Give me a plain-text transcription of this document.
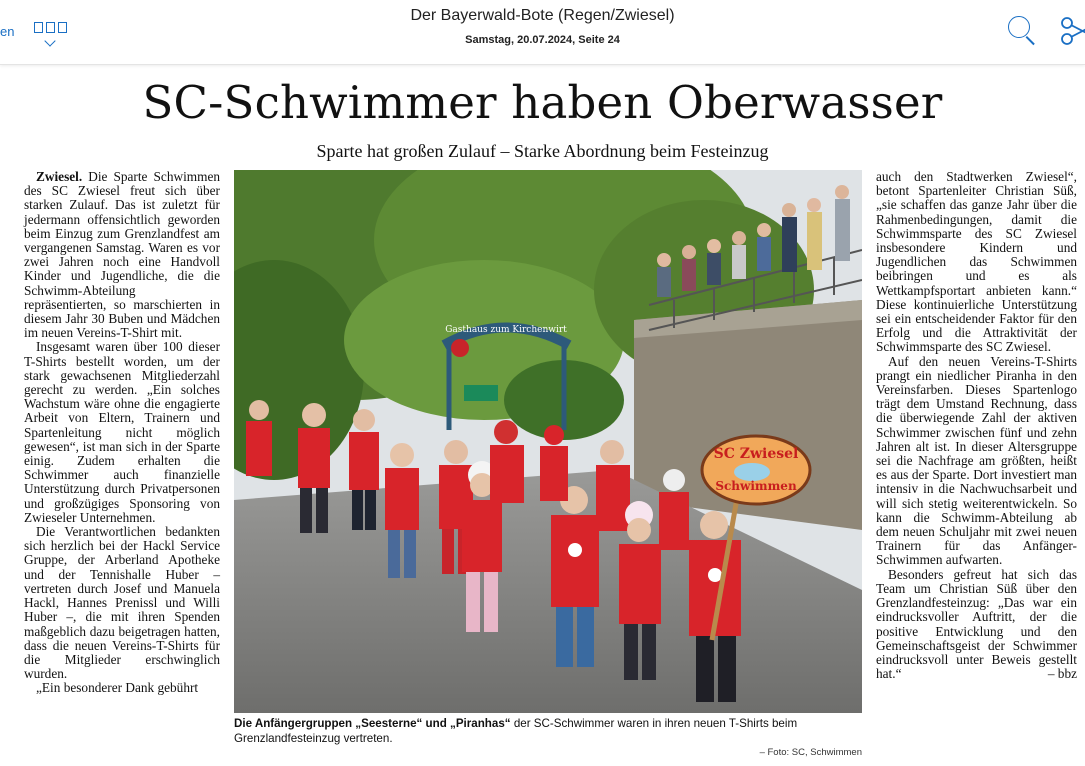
en
Der Bayerwald-Bote (Regen/Zwiesel)
Samstag, 20.07.2024, Seite 24
SC-Schwimmer haben Oberwasser
Sparte hat großen Zulauf – Starke Abordnung beim Festeinzug

Zwiesel. Die Sparte Schwimmen des SC Zwiesel freut sich über starken Zulauf. Das ist zuletzt für jedermann offensichtlich geworden beim Einzug zum Grenzlandfest am vergangenen Samstag. Waren es vor zwei Jahren noch eine Handvoll Kinder und Jugendliche, die die Schwimm-Abteilung repräsentierten, so marschierten in diesem Jahr 30 Buben und Mädchen im neuen Vereins-T-Shirt mit.

Insgesamt waren über 100 dieser T-Shirts bestellt worden, um der stark gewachsenen Mitgliederzahl gerecht zu werden. „Ein solches Wachstum wäre ohne die engagierte Arbeit von Eltern, Trainern und Spartenleitung nicht möglich gewesen“, ist man sich in der Sparte einig. Zudem erhalten die Schwimmer auch finanzielle Unterstützung durch Privatpersonen und großzügiges Sponsoring von Zwieseler Unternehmen.

Die Verantwortlichen bedankten sich herzlich bei der Hackl Service Gruppe, der Arberland Apotheke und der Tennishalle Huber – vertreten durch Josef und Manuela Hackl, Hannes Prenissl und Willi Huber –, die mit ihren Spenden maßgeblich dazu beigetragen hatten, dass die neuen Vereins-T-Shirts für die Mitglieder erschwinglich wurden.

„Ein besonderer Dank gebührt

Gasthaus zum Kirchenwirt
SC Zwiesel
Schwimmen
Die Anfängergruppen „Seesterne“ und „Piranhas“ der SC-Schwimmer waren in ihren neuen T-Shirts beim Grenzlandfesteinzug vertreten.
– Foto: SC, Schwimmen

auch den Stadtwerken Zwiesel“, betont Spartenleiter Christian Süß, „sie schaffen das ganze Jahr über die Rahmenbedingungen, damit die Schwimmsparte des SC Zwiesel insbesondere Kindern und Jugendlichen das Schwimmen beibringen und es als Wettkampfsportart anbieten kann.“ Diese kontinuierliche Unterstützung sei ein entscheidender Faktor für den Erfolg und die Attraktivität der Schwimmsparte des SC Zwiesel.

Auf den neuen Vereins-T-Shirts prangt ein niedlicher Piranha in den Vereinsfarben. Dieses Spartenlogo trägt dem Umstand Rechnung, dass die überwiegende Zahl der aktiven Schwimmer zwischen fünf und zehn Jahren alt ist. In dieser Altersgruppe sei die Nachfrage am größten, heißt es aus der Sparte. Dort investiert man intensiv in die Nachwuchsarbeit und will sich stetig weiterentwickeln. So kann die Schwimm-Abteilung ab dem neuen Schuljahr mit zwei neuen Trainern für das Anfänger-Schwimmen aufwarten.

Besonders gefreut hat sich das Team um Christian Süß über den Grenzlandfesteinzug: „Das war ein eindrucksvoller Auftritt, der die positive Entwicklung und den Gemeinschaftsgeist der Schwimmer eindrucksvoll unter Beweis gestellt hat.“	– bbz
